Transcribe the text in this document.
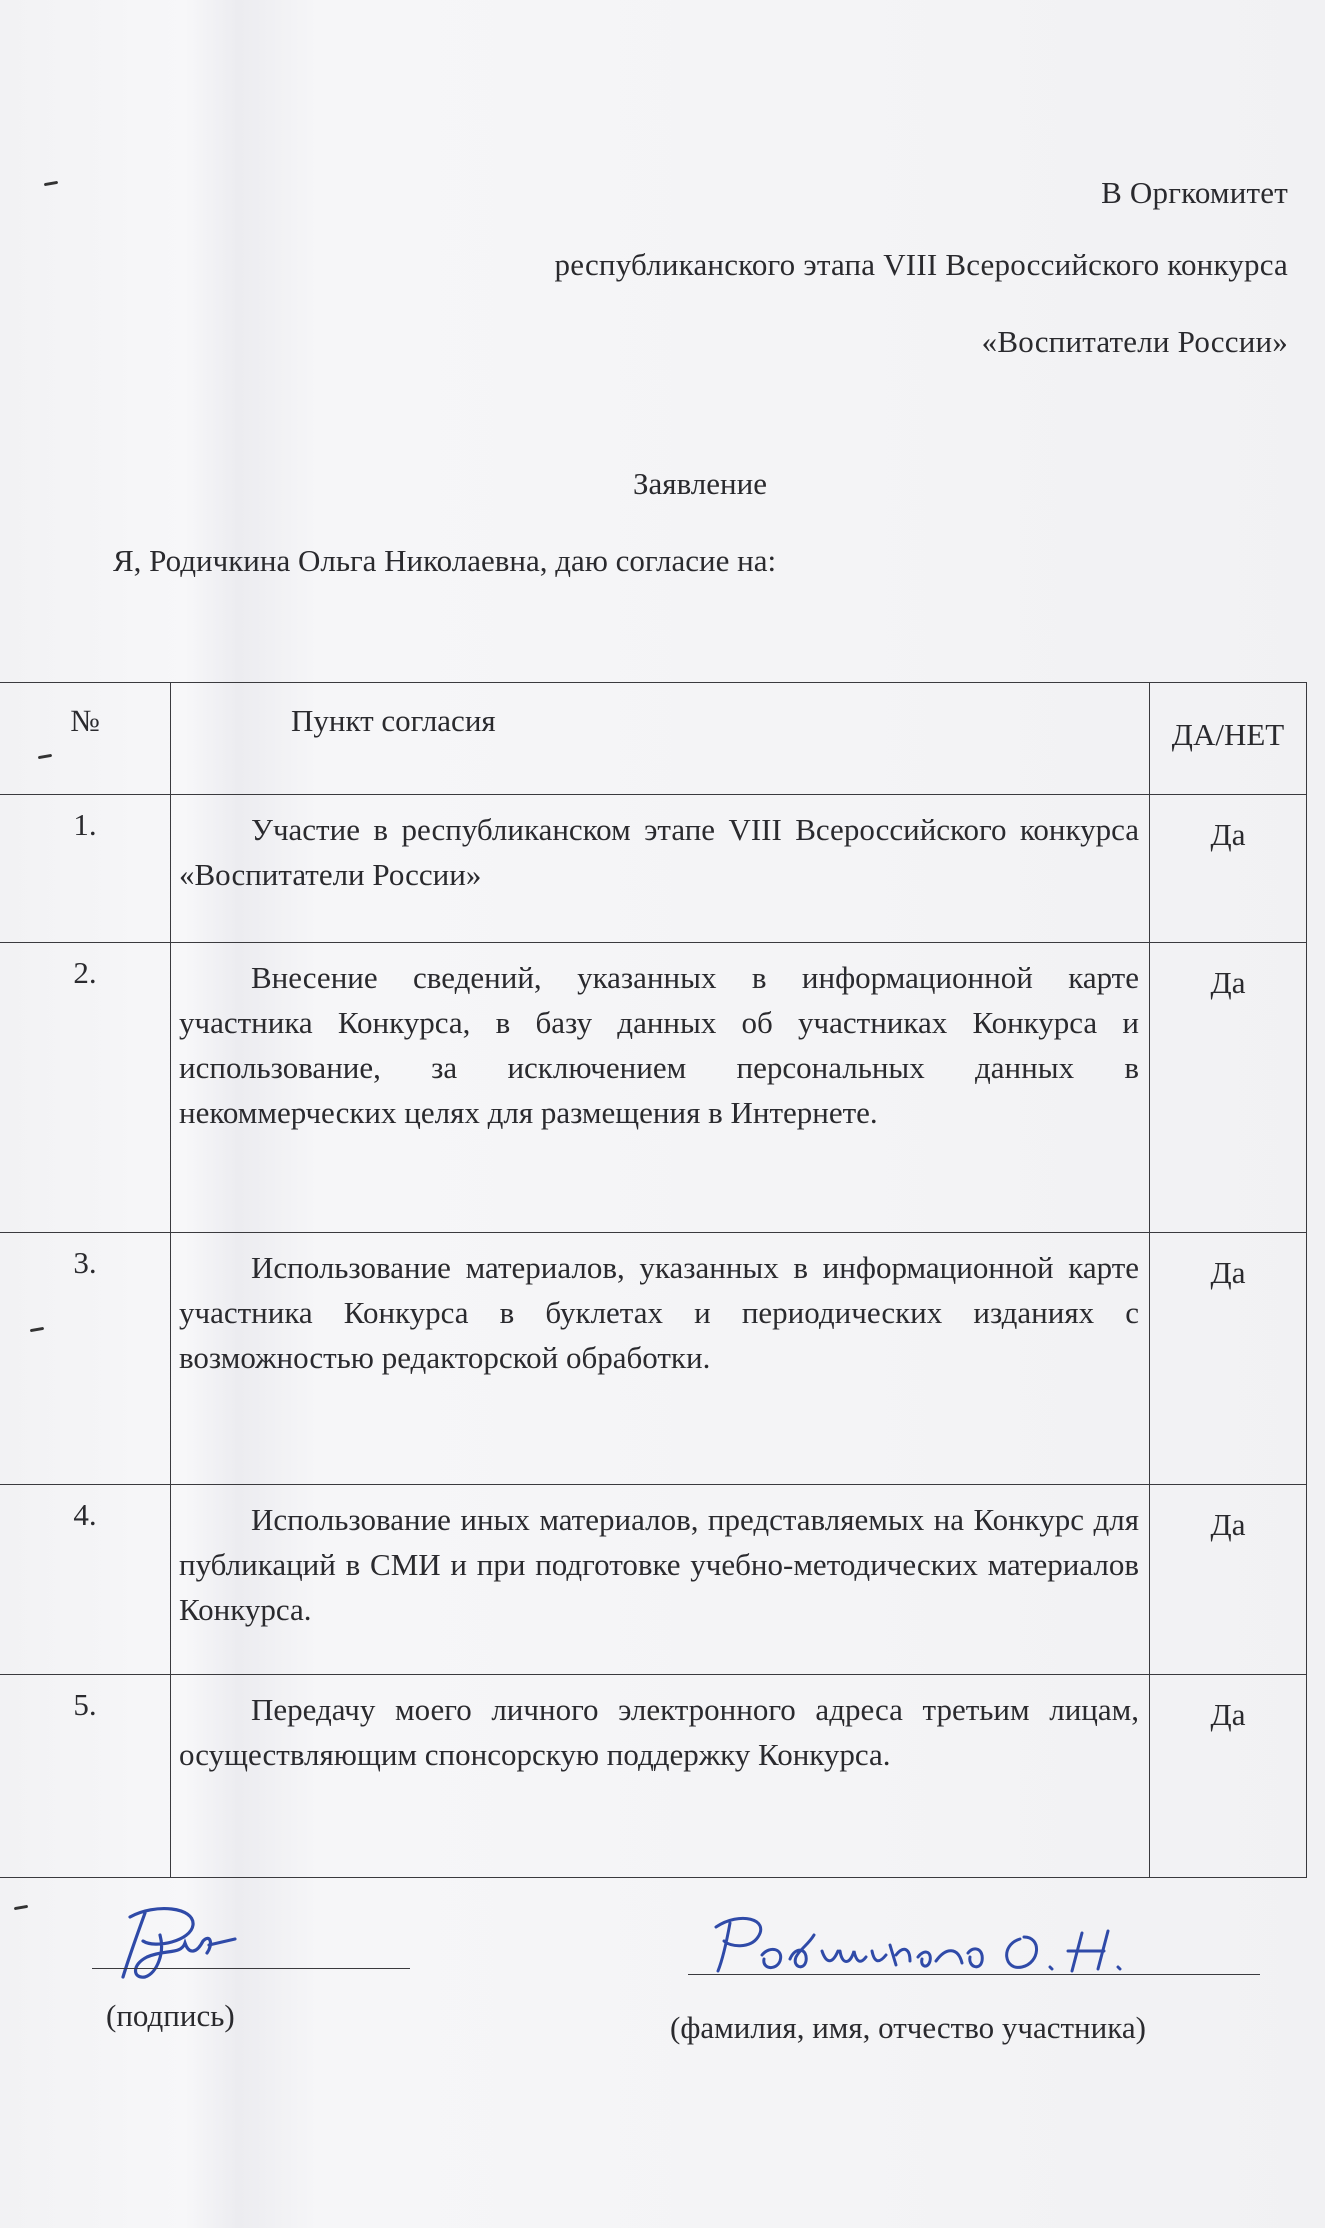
В Оргкомитет
республиканского этапа VIII Всероссийского конкурса
«Воспитатели России»
Заявление
Я, Родичкина Ольга Николаевна, даю согласие на:
№	Пункт согласия	ДА/НЕТ
1.	Участие в республиканском этапе VIII Всероссийского конкурса «Воспитатели России»	Да
2.	Внесение сведений, указанных в информационной карте участника Конкурса, в базу данных об участниках Конкурса и использование, за исключением персональных данных в некоммерческих целях для размещения в Интернете.	Да
3.	Использование материалов, указанных в информационной карте участника Конкурса в буклетах и периодических изданиях с возможностью редакторской обработки.	Да
4.	Использование иных материалов, представляемых на Конкурс для публикаций в СМИ и при подготовке учебно-методических материалов Конкурса.	Да
5.	Передачу моего личного электронного адреса третьим лицам, осуществляющим спонсорскую поддержку Конкурса.	Да
(подпись)	(фамилия, имя, отчество участника)
